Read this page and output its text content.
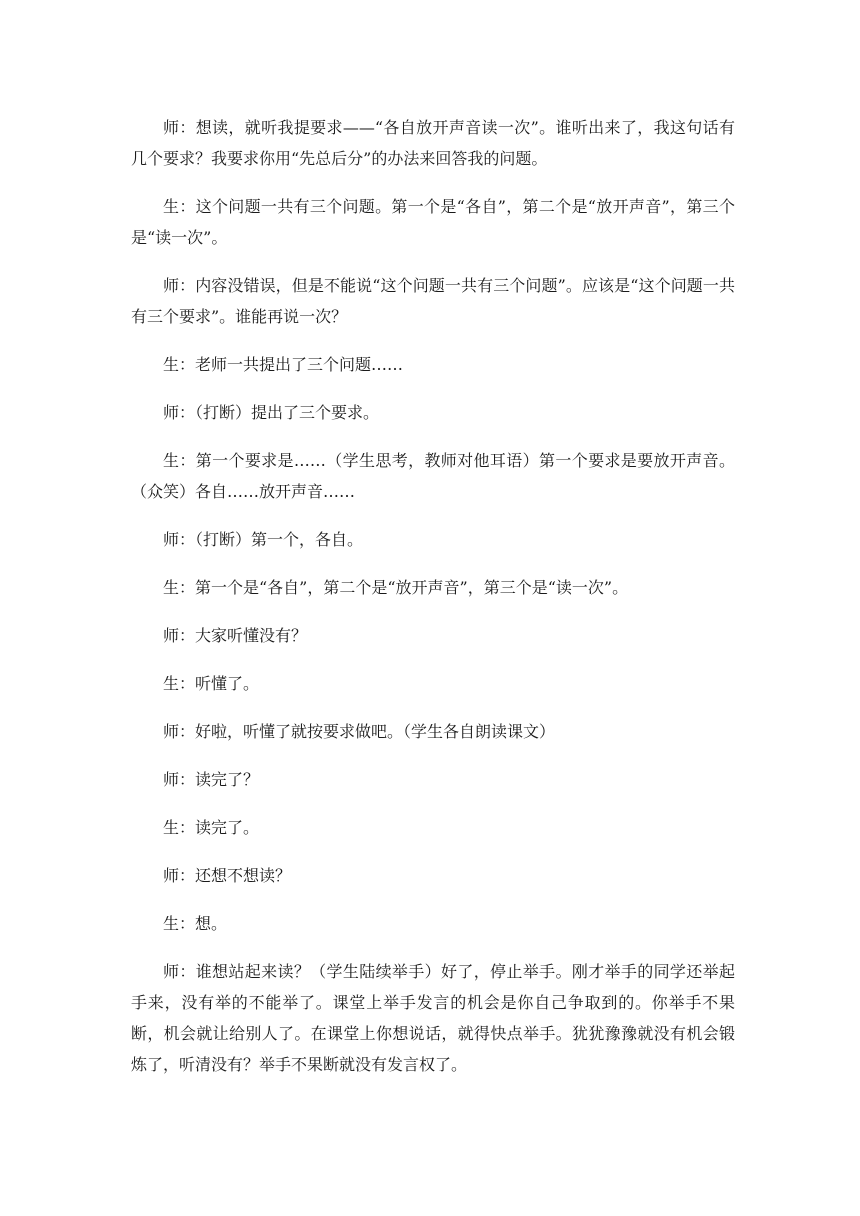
师：想读，就听我提要求——“各自放开声音读一次”。谁听出来了，我这句话有几个要求？我要求你用“先总后分”的办法来回答我的问题。

生：这个问题一共有三个问题。第一个是“各自”，第二个是“放开声音”，第三个是“读一次”。

师：内容没错误，但是不能说“这个问题一共有三个问题”。应该是“这个问题一共有三个要求”。谁能再说一次？

生：老师一共提出了三个问题……

师：（打断）提出了三个要求。

生：第一个要求是……（学生思考，教师对他耳语）第一个要求是要放开声音。（众笑）各自……放开声音……

师：（打断）第一个，各自。

生：第一个是“各自”，第二个是“放开声音”，第三个是“读一次”。

师：大家听懂没有？

生：听懂了。

师：好啦，听懂了就按要求做吧。（学生各自朗读课文）

师：读完了？

生：读完了。

师：还想不想读？

生：想。

师：谁想站起来读？（学生陆续举手）好了，停止举手。刚才举手的同学还举起手来，没有举的不能举了。课堂上举手发言的机会是你自己争取到的。你举手不果断，机会就让给别人了。在课堂上你想说话，就得快点举手。犹犹豫豫就没有机会锻炼了，听清没有？举手不果断就没有发言权了。
